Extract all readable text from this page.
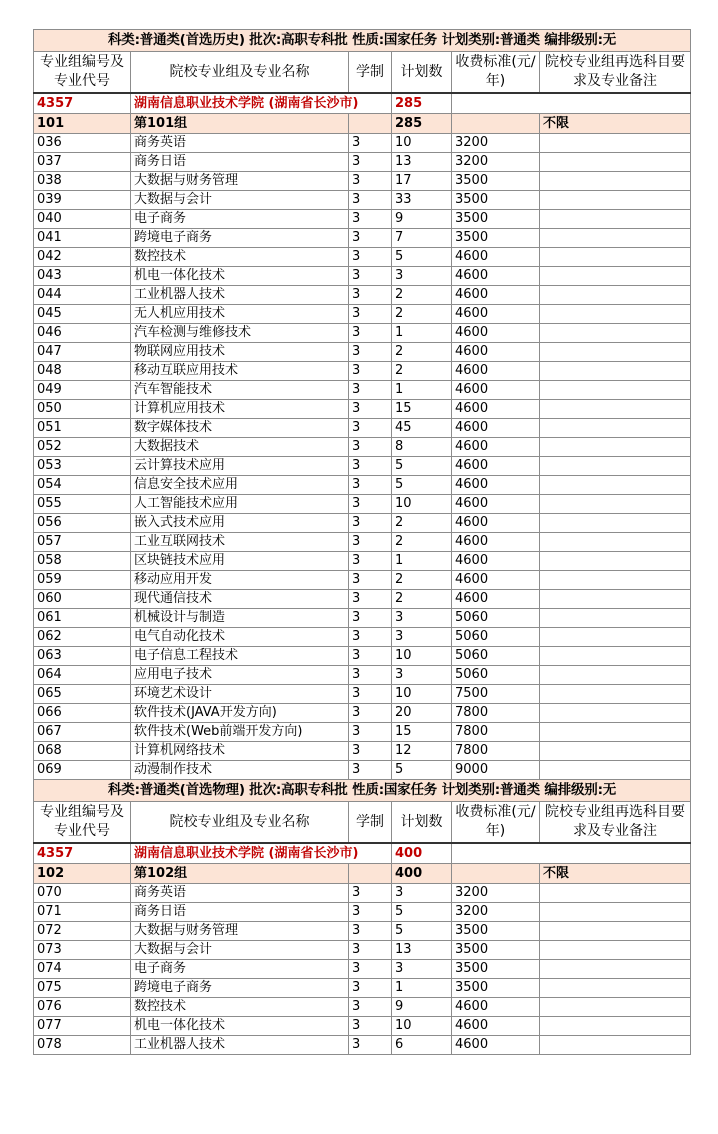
科类:普通类(首选历史) 批次:高职专科批 性质:国家任务 计划类别:普通类 编排级别:无					
专业组编号及专业代号	院校专业组及专业名称	学制	计划数	收费标准(元/年)	院校专业组再选科目要求及专业备注
4357	湖南信息职业技术学院 (湖南省长沙市)		285		
101	第101组		285		不限
036	商务英语	3	10	3200	
037	商务日语	3	13	3200	
038	大数据与财务管理	3	17	3500	
039	大数据与会计	3	33	3500	
040	电子商务	3	9	3500	
041	跨境电子商务	3	7	3500	
042	数控技术	3	5	4600	
043	机电一体化技术	3	3	4600	
044	工业机器人技术	3	2	4600	
045	无人机应用技术	3	2	4600	
046	汽车检测与维修技术	3	1	4600	
047	物联网应用技术	3	2	4600	
048	移动互联应用技术	3	2	4600	
049	汽车智能技术	3	1	4600	
050	计算机应用技术	3	15	4600	
051	数字媒体技术	3	45	4600	
052	大数据技术	3	8	4600	
053	云计算技术应用	3	5	4600	
054	信息安全技术应用	3	5	4600	
055	人工智能技术应用	3	10	4600	
056	嵌入式技术应用	3	2	4600	
057	工业互联网技术	3	2	4600	
058	区块链技术应用	3	1	4600	
059	移动应用开发	3	2	4600	
060	现代通信技术	3	2	4600	
061	机械设计与制造	3	3	5060	
062	电气自动化技术	3	3	5060	
063	电子信息工程技术	3	10	5060	
064	应用电子技术	3	3	5060	
065	环境艺术设计	3	10	7500	
066	软件技术(JAVA开发方向)	3	20	7800	
067	软件技术(Web前端开发方向)	3	15	7800	
068	计算机网络技术	3	12	7800	
069	动漫制作技术	3	5	9000	
科类:普通类(首选物理) 批次:高职专科批 性质:国家任务 计划类别:普通类 编排级别:无					
专业组编号及专业代号	院校专业组及专业名称	学制	计划数	收费标准(元/年)	院校专业组再选科目要求及专业备注
4357	湖南信息职业技术学院 (湖南省长沙市)		400		
102	第102组		400		不限
070	商务英语	3	3	3200	
071	商务日语	3	5	3200	
072	大数据与财务管理	3	5	3500	
073	大数据与会计	3	13	3500	
074	电子商务	3	3	3500	
075	跨境电子商务	3	1	3500	
076	数控技术	3	9	4600	
077	机电一体化技术	3	10	4600	
078	工业机器人技术	3	6	4600	
